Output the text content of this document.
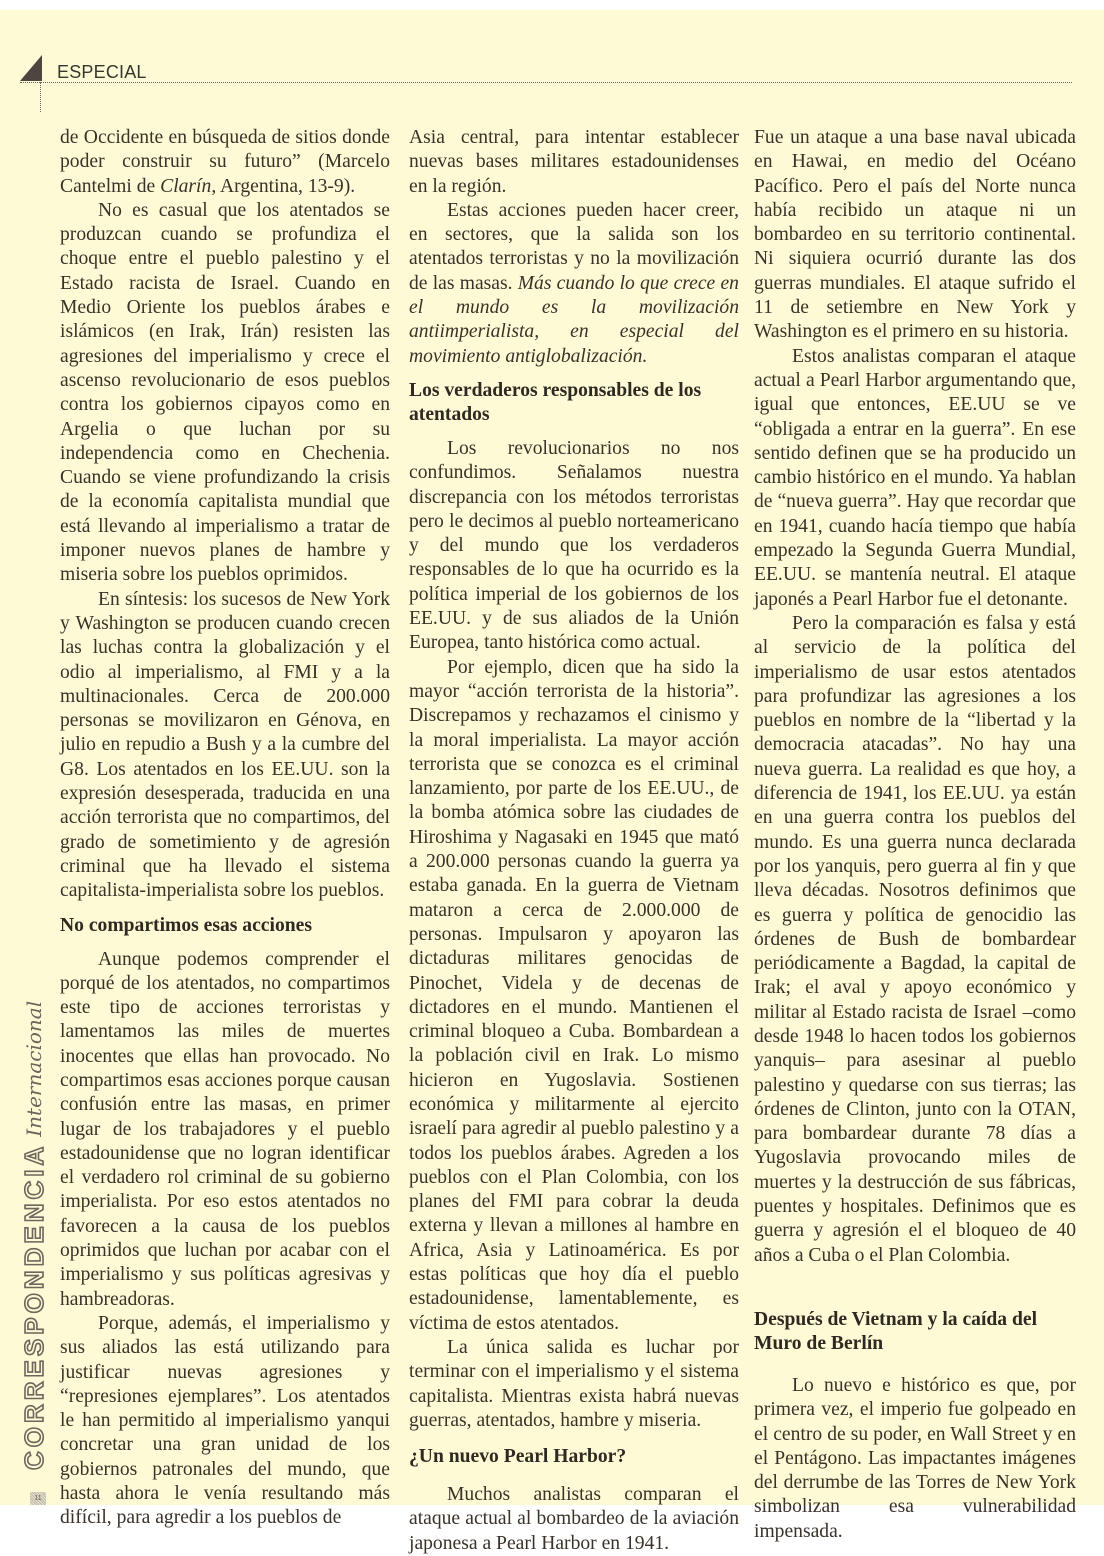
ESPECIAL
CORRESPONDENCIA
Internacional
11

de Occidente en búsqueda de sitios donde poder construir su futuro” (Marcelo Cantelmi de Clarín, Argentina, 13-9).

No es casual que los atentados se produzcan cuando se profundiza el choque entre el pueblo palestino y el Estado racista de Israel. Cuando en Medio Oriente los pueblos árabes e islámicos (en Irak, Irán) resisten las agresiones del imperialismo y crece el ascenso revolucionario de esos pueblos contra los gobiernos cipayos como en Argelia o que luchan por su independencia como en Chechenia. Cuando se viene profundizando la crisis de la economía capitalista mundial que está llevando al imperialismo a tratar de imponer nuevos planes de hambre y miseria sobre los pueblos oprimidos.

En síntesis: los sucesos de New York y Washington se producen cuando crecen las luchas contra la globalización y el odio al imperialismo, al FMI y a la multinacionales. Cerca de 200.000 personas se movilizaron en Génova, en julio en repudio a Bush y a la cumbre del G8. Los atentados en los EE.UU. son la expresión desesperada, traducida en una acción terrorista que no compartimos, del grado de sometimiento y de agresión criminal que ha llevado el sistema capitalista-imperialista sobre los pueblos.

No compartimos esas acciones

Aunque podemos comprender el porqué de los atentados, no compartimos este tipo de acciones terroristas y lamentamos las miles de muertes inocentes que ellas han provocado. No compartimos esas acciones porque causan confusión entre las masas, en primer lugar de los trabajadores y el pueblo estadounidense que no logran identificar el verdadero rol criminal de su gobierno imperialista. Por eso estos atentados no favorecen a la causa de los pueblos oprimidos que luchan por acabar con el imperialismo y sus políticas agresivas y hambreadoras.

Porque, además, el imperialismo y sus aliados las está utilizando para justificar nuevas agresiones y “represiones ejemplares”. Los atentados le han permitido al imperialismo yanqui concretar una gran unidad de los gobiernos patronales del mundo, que hasta ahora le venía resultando más difícil, para agredir a los pueblos de

Asia central, para intentar establecer nuevas bases militares estadounidenses en la región.

Estas acciones pueden hacer creer, en sectores, que la salida son los atentados terroristas y no la movilización de las masas. Más cuando lo que crece en el mundo es la movilización antiimperialista, en especial del movimiento antiglobalización.

Los verdaderos responsables de los atentados

Los revolucionarios no nos confundimos. Señalamos nuestra discrepancia con los métodos terroristas pero le decimos al pueblo norteamericano y del mundo que los verdaderos responsables de lo que ha ocurrido es la política imperial de los gobiernos de los EE.UU. y de sus aliados de la Unión Europea, tanto histórica como actual.

Por ejemplo, dicen que ha sido la mayor “acción terrorista de la historia”. Discrepamos y rechazamos el cinismo y la moral imperialista. La mayor acción terrorista que se conozca es el criminal lanzamiento, por parte de los EE.UU., de la bomba atómica sobre las ciudades de Hiroshima y Nagasaki en 1945 que mató a 200.000 personas cuando la guerra ya estaba ganada. En la guerra de Vietnam mataron a cerca de 2.000.000 de personas. Impulsaron y apoyaron las dictaduras militares genocidas de Pinochet, Videla y de decenas de dictadores en el mundo. Mantienen el criminal bloqueo a Cuba. Bombardean a la población civil en Irak. Lo mismo hicieron en Yugoslavia. Sostienen económica y militarmente al ejercito israelí para agredir al pueblo palestino y a todos los pueblos árabes. Agreden a los pueblos con el Plan Colombia, con los planes del FMI para cobrar la deuda externa y llevan a millones al hambre en Africa, Asia y Latinoamérica. Es por estas políticas que hoy día el pueblo estadounidense, lamentablemente, es víctima de estos atentados.

La única salida es luchar por terminar con el imperialismo y el sistema capitalista. Mientras exista habrá nuevas guerras, atentados, hambre y miseria.

¿Un nuevo Pearl Harbor?

Muchos analistas comparan el ataque actual al bombardeo de la aviación japonesa a Pearl Harbor en 1941.

Fue un ataque a una base naval ubicada en Hawai, en medio del Océano Pacífico. Pero el país del Norte nunca había recibido un ataque ni un bombardeo en su territorio continental. Ni siquiera ocurrió durante las dos guerras mundiales. El ataque sufrido el 11 de setiembre en New York y Washington es el primero en su historia.

Estos analistas comparan el ataque actual a Pearl Harbor argumentando que, igual que entonces, EE.UU se ve “obligada a entrar en la guerra”. En ese sentido definen que se ha producido un cambio histórico en el mundo. Ya hablan de “nueva guerra”. Hay que recordar que en 1941, cuando hacía tiempo que había empezado la Segunda Guerra Mundial, EE.UU. se mantenía neutral. El ataque japonés a Pearl Harbor fue el detonante.

Pero la comparación es falsa y está al servicio de la política del imperialismo de usar estos atentados para profundizar las agresiones a los pueblos en nombre de la “libertad y la democracia atacadas”. No hay una nueva guerra. La realidad es que hoy, a diferencia de 1941, los EE.UU. ya están en una guerra contra los pueblos del mundo. Es una guerra nunca declarada por los yanquis, pero guerra al fin y que lleva décadas. Nosotros definimos que es guerra y política de genocidio las órdenes de Bush de bombardear periódicamente a Bagdad, la capital de Irak; el aval y apoyo económico y militar al Estado racista de Israel –como desde 1948 lo hacen todos los gobiernos yanquis– para asesinar al pueblo palestino y quedarse con sus tierras; las órdenes de Clinton, junto con la OTAN, para bombardear durante 78 días a Yugoslavia provocando miles de muertes y la destrucción de sus fábricas, puentes y hospitales. Definimos que es guerra y agresión el el bloqueo de 40 años a Cuba o el Plan Colombia.

Después de Vietnam y la caída del Muro de Berlín

Lo nuevo e histórico es que, por primera vez, el imperio fue golpeado en el centro de su poder, en Wall Street y en el Pentágono. Las impactantes imágenes del derrumbe de las Torres de New York simbolizan esa vulnerabilidad impensada.
